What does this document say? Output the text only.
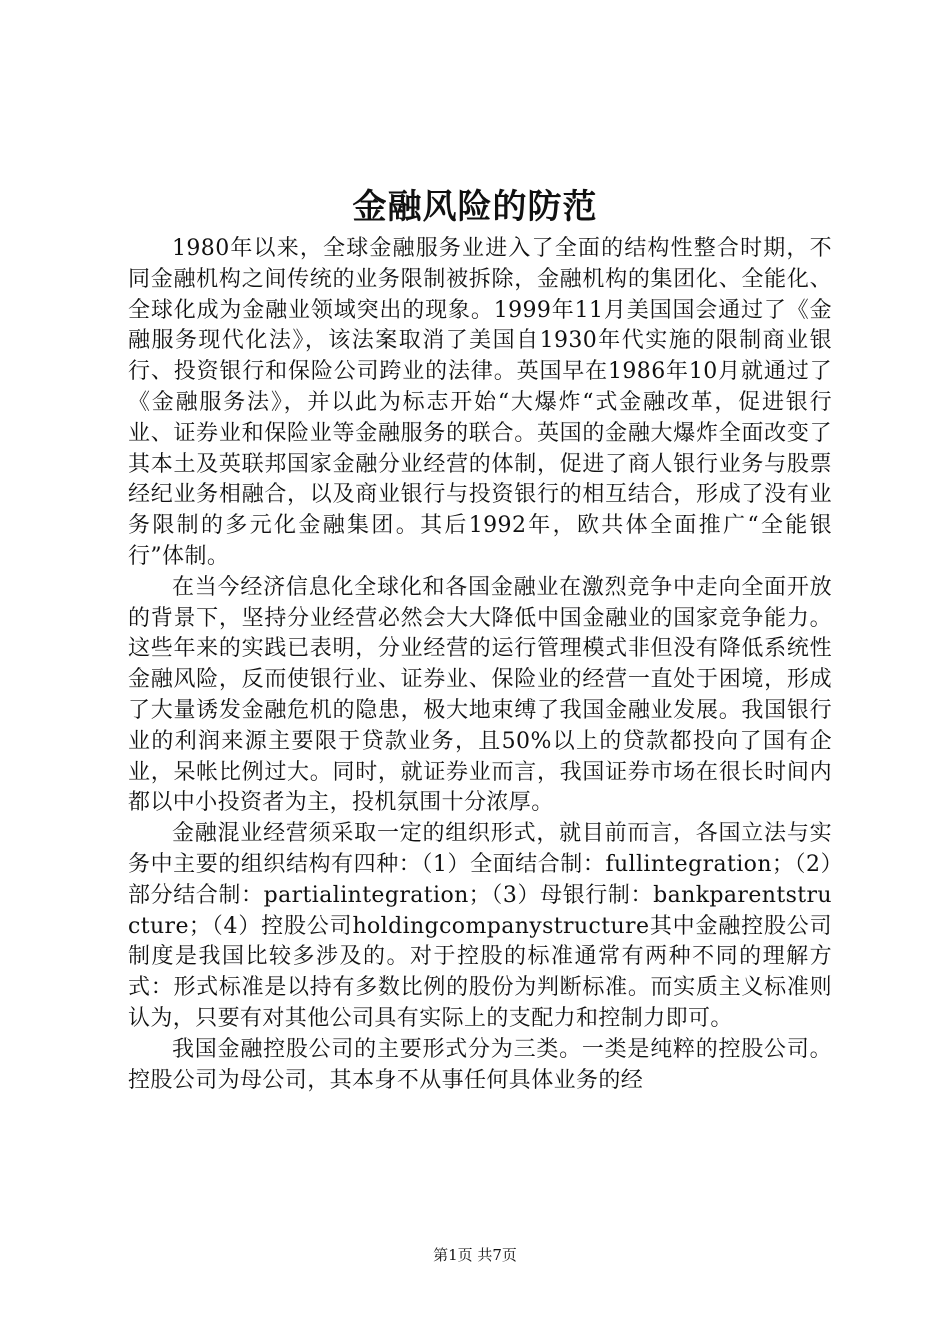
金融风险的防范

1980年以来，全球金融服务业进入了全面的结构性整合时期，不同金融机构之间传统的业务限制被拆除，金融机构的集团化、全能化、全球化成为金融业领域突出的现象。1999年11月美国国会通过了《金融服务现代化法》，该法案取消了美国自1930年代实施的限制商业银行、投资银行和保险公司跨业的法律。英国早在1986年10月就通过了《金融服务法》，并以此为标志开始“大爆炸“式金融改革，促进银行业、证券业和保险业等金融服务的联合。英国的金融大爆炸全面改变了其本土及英联邦国家金融分业经营的体制，促进了商人银行业务与股票经纪业务相融合，以及商业银行与投资银行的相互结合，形成了没有业务限制的多元化金融集团。其后1992年，欧共体全面推广“全能银行”体制。

在当今经济信息化全球化和各国金融业在激烈竞争中走向全面开放的背景下，坚持分业经营必然会大大降低中国金融业的国家竞争能力。这些年来的实践已表明，分业经营的运行管理模式非但没有降低系统性金融风险，反而使银行业、证券业、保险业的经营一直处于困境，形成了大量诱发金融危机的隐患，极大地束缚了我国金融业发展。我国银行业的利润来源主要限于贷款业务，且50%以上的贷款都投向了国有企业，呆帐比例过大。同时，就证券业而言，我国证券市场在很长时间内都以中小投资者为主，投机氛围十分浓厚。

金融混业经营须采取一定的组织形式，就目前而言，各国立法与实务中主要的组织结构有四种：（1）全面结合制：fullintegration；（2）部分结合制：partialintegration；（3）母银行制：bankparentstructure；（4）控股公司holdingcompanystructure其中金融控股公司制度是我国比较多涉及的。对于控股的标准通常有两种不同的理解方式：形式标准是以持有多数比例的股份为判断标准。而实质主义标准则认为，只要有对其他公司具有实际上的支配力和控制力即可。

我国金融控股公司的主要形式分为三类。一类是纯粹的控股公司。控股公司为母公司，其本身不从事任何具体业务的经

第1页 共7页
